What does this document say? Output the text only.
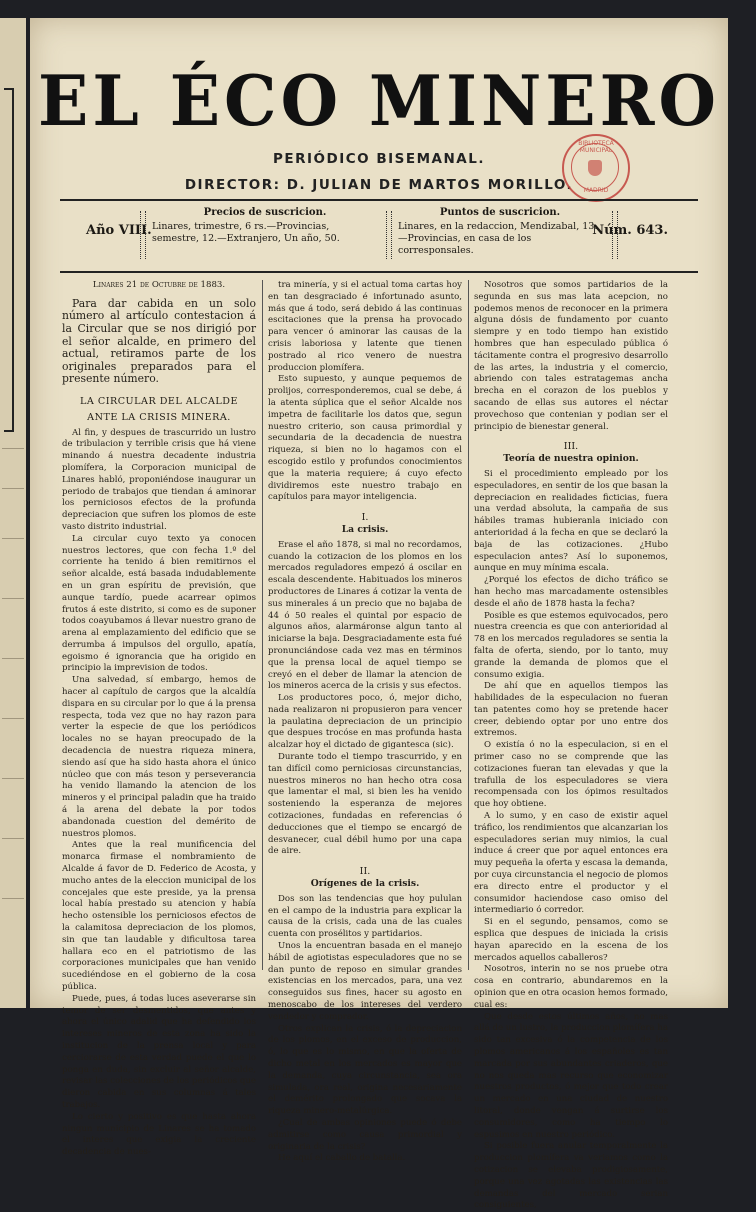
EL ÉCO MINERO
PERIÓDICO BISEMANAL.
DIRECTOR: D. JULIAN DE MARTOS MORILLO.
BIBLIOTECA MUNICIPAL
MADRID
Año VIII.
Precios de suscricion.
Linares, trimestre, 6 rs.—Provincias, semestre, 12.—Extranjero, Un año, 50.
Puntos de suscricion.
Linares, en la redaccion, Mendizabal, 13.—Provincias, en casa de los corresponsales.
Núm. 643.

Linares 21 de Octubre de 1883.

Para dar cabida en un solo número al artículo contestacion á la Circular que se nos dirigió por el señor alcalde, en primero del actual, retiramos parte de los originales preparados para el presente número.

LA CIRCULAR DEL ALCALDE

ANTE LA CRISIS MINERA.

Al fin, y despues de trascurrido un lustro de tribulacion y terrible crisis que há viene minando á nuestra decadente industria plomífera, la Corporacion municipal de Linares habló, proponiéndose inaugurar un periodo de trabajos que tiendan á aminorar los perniciosos efectos de la profunda depreciacion que sufren los plomos de este vasto distrito industrial.

La circular cuyo texto ya conocen nuestros lectores, que con fecha 1.º del corriente ha tenido á bien remitirnos el señor alcalde, está basada indudablemente en un gran espíritu de previsión, que aunque tardío, puede acarrear opimos frutos á este distrito, si como es de suponer todos coayubamos á llevar nuestro grano de arena al emplazamiento del edificio que se derrumba á impulsos del orgullo, apatía, egoismo é ignorancia que ha origido en principio la imprevision de todos.

Una salvedad, sí embargo, hemos de hacer al capítulo de cargos que la alcaldía dispara en su circular por lo que á la prensa respecta, toda vez que no hay razon para verter la especie de que los periódicos locales no se hayan preocupado de la decadencia de nuestra riqueza minera, siendo así que ha sido hasta ahora el único núcleo que con más teson y perseverancia ha venido llamando la atencion de los mineros y el principal paladin que ha traido á la arena del debate la por todos abandonada cuestion del demérito de nuestros plomos.

Antes que la real munificencia del monarca firmase el nombramiento de Alcalde á favor de D. Federico de Acosta, y mucho antes de la eleccion municipal de los concejales que este preside, ya la prensa local había prestado su atencion y había hecho ostensible los perniciosos efectos de la calamitosa depreciacion de los plomos, sin que tan laudable y dificultosa tarea hallara eco en el patriotismo de las corporaciones municipales que han venido sucediéndose en el gobierno de la cosa pública.

Puede, pues, á todas luces aseverarse sin temor de ser desmentidos, que antes y ahora el único adalid que ha defendido los intereses mineros de esta zona ha sido la institucion de la prensa local y para cerciorarse de esta verdad puede el que lo ponga en duda, sin excluir al señor alcalde, revisar las colecciones de los periódicos que dieron cabida en sus columnas á tales trabajos.

Lo cierto y positivo es que hasta ahora ningun municipio de Linares se ha tomado el interes que exigia la creciente decadencia de nues-

tra minería, y si el actual toma cartas hoy en tan desgraciado é infortunado asunto, más que á todo, será debido á las continuas escitaciones que la prensa ha provocado para vencer ó aminorar las causas de la crisis laboriosa y latente que tienen postrado al rico venero de nuestra produccion plomífera.

Esto supuesto, y aunque pequemos de prolijos, corresponderemos, cual se debe, á la atenta súplica que el señor Alcalde nos impetra de facilitarle los datos que, segun nuestro criterio, son causa primordial y secundaria de la decadencia de nuestra riqueza, si bien no lo hagamos con el escogido estilo y profundos conocimientos que la materia requiere; á cuyo efecto dividiremos este nuestro trabajo en capítulos para mayor inteligencia.

I.

La crisis.

Erase el año 1878, si mal no recordamos, cuando la cotizacion de los plomos en los mercados reguladores empezó á oscilar en escala descendente. Habituados los mineros productores de Linares á cotizar la venta de sus minerales á un precio que no bajaba de 44 ó 50 reales el quintal por espacio de algunos años, alarmáronse algun tanto al iniciarse la baja. Desgraciadamente esta fué pronunciándose cada vez mas en términos que la prensa local de aquel tiempo se creyó en el deber de llamar la atencion de los mineros acerca de la crisis y sus efectos.

Los productores poco, ó, mejor dicho, nada realizaron ni propusieron para vencer la paulatina depreciacion de un principio que despues trocóse en mas profunda hasta alcalzar hoy el dictado de gigantesca (sic).

Durante todo el tiempo trascurrido, y en tan difícil como perniciosas circunstancias, nuestros mineros no han hecho otra cosa que lamentar el mal, si bien les ha venido sosteniendo la esperanza de mejores cotizaciones, fundadas en referencias ó deducciones que el tiempo se encargó de desvanecer, cual débil humo por una capa de aire.

II.

Orígenes de la crisis.

Dos son las tendencias que hoy pululan en el campo de la industria para explicar la causa de la crisis, cada una de las cuales cuenta con prosélitos y partidarios.

Unos la encuentran basada en el manejo hábil de agiotistas especuladores que no se dan punto de reposo en simular grandes existencias en los mercados, para, una vez conseguidos sus fines, hacer su agosto en menoscabo de los intereses del verdero vendedor y comprador.

Otros explican la crisis, ó la depreciacion de los plomos, en el exceso de produccion, ó, lo que es lo mismo, en que la oferta de dicho metal en los mercados es mayor que la demanda, cuya circunstancia, sea ora simulada, ora real, origina necesariamente el demérito prolongado que socava la riqueza minero-metalúrgica.

¿Cual de ambas opiniones puede ó debe admitirse como causa primordial y originaria de la crisis?

He aquí el caballo de batalla.

Nosotros que somos partidarios de la segunda en sus mas lata acepcion, no podemos menos de reconocer en la primera alguna dósis de fundamento por cuanto siempre y en todo tiempo han existido hombres que han especulado pública ó tácitamente contra el progresivo desarrollo de las artes, la industria y el comercio, abriendo con tales estratagemas ancha brecha en el corazon de los pueblos y sacando de ellas sus autores el néctar provechoso que contenian y podian ser el principio de bienestar general.

III.

Teoría de nuestra opinion.

Si el procedimiento empleado por los especuladores, en sentir de los que basan la depreciacion en realidades ficticias, fuera una verdad absoluta, la campaña de sus hábiles tramas hubieranla iniciado con anterioridad á la fecha en que se declaró la baja de las cotizaciones. ¿Hubo especulacion antes? Así lo suponemos, aunque en muy mínima escala.

¿Porqué los efectos de dicho tráfico se han hecho mas marcadamente ostensibles desde el año de 1878 hasta la fecha?

Posible es que estemos equivocados, pero nuestra creencia es que con anterioridad al 78 en los mercados reguladores se sentia la falta de oferta, siendo, por lo tanto, muy grande la demanda de plomos que el consumo exigia.

De ahí que en aquellos tiempos las habilidades de la especulacion no fueran tan patentes como hoy se pretende hacer creer, debiendo optar por uno entre dos extremos.

O existía ó no la especulacion, si en el primer caso no se comprende que las cotizaciones fueran tan elevadas y que la trafulla de los especuladores se viera recompensada con los ópimos resultados que hoy obtiene.

A lo sumo, y en caso de existir aquel tráfico, los rendimientos que alcanzarian los especuladores serian muy nimios, la cual induce á creer que por aquel entonces era muy pequeña la oferta y escasa la demanda, por cuya circunstancia el negocio de plomos era directo entre el productor y el consumidor haciendose caso omiso del intermediario ó corredor.

Si en el segundo, pensamos, como se esplica que despues de iniciada la crisis hayan aparecido en la escena de los mercados aquellos caballeros?

Nosotros, interin no se nos pruebe otra cosa en contrario, abundaremos en la opinion que en otra ocasion hemos formado, cual es:

Que desde estos últimos años, no mas allá de un lustro, la produccion plomífera ha sido tan excesiva ó la competencia de los plomos americanos á los españoles es tan marcada por sus abundantes criaderos, que no nos queda mas recurso que economizar nuestros productos, ó mejor que todo crear un mercado en una ciudad de nuestro litoral, donde vengan á surtirse los consumidores, como ha tiempo lo espusimos en nuestro periódico.

Si posible fuera anular temporalmente la produccion plomífera va veriamos como la cotizacion se elevaba prodigiosamente, porque una vez agotadas las existencias las demandas del mercado serian consiguientes,
